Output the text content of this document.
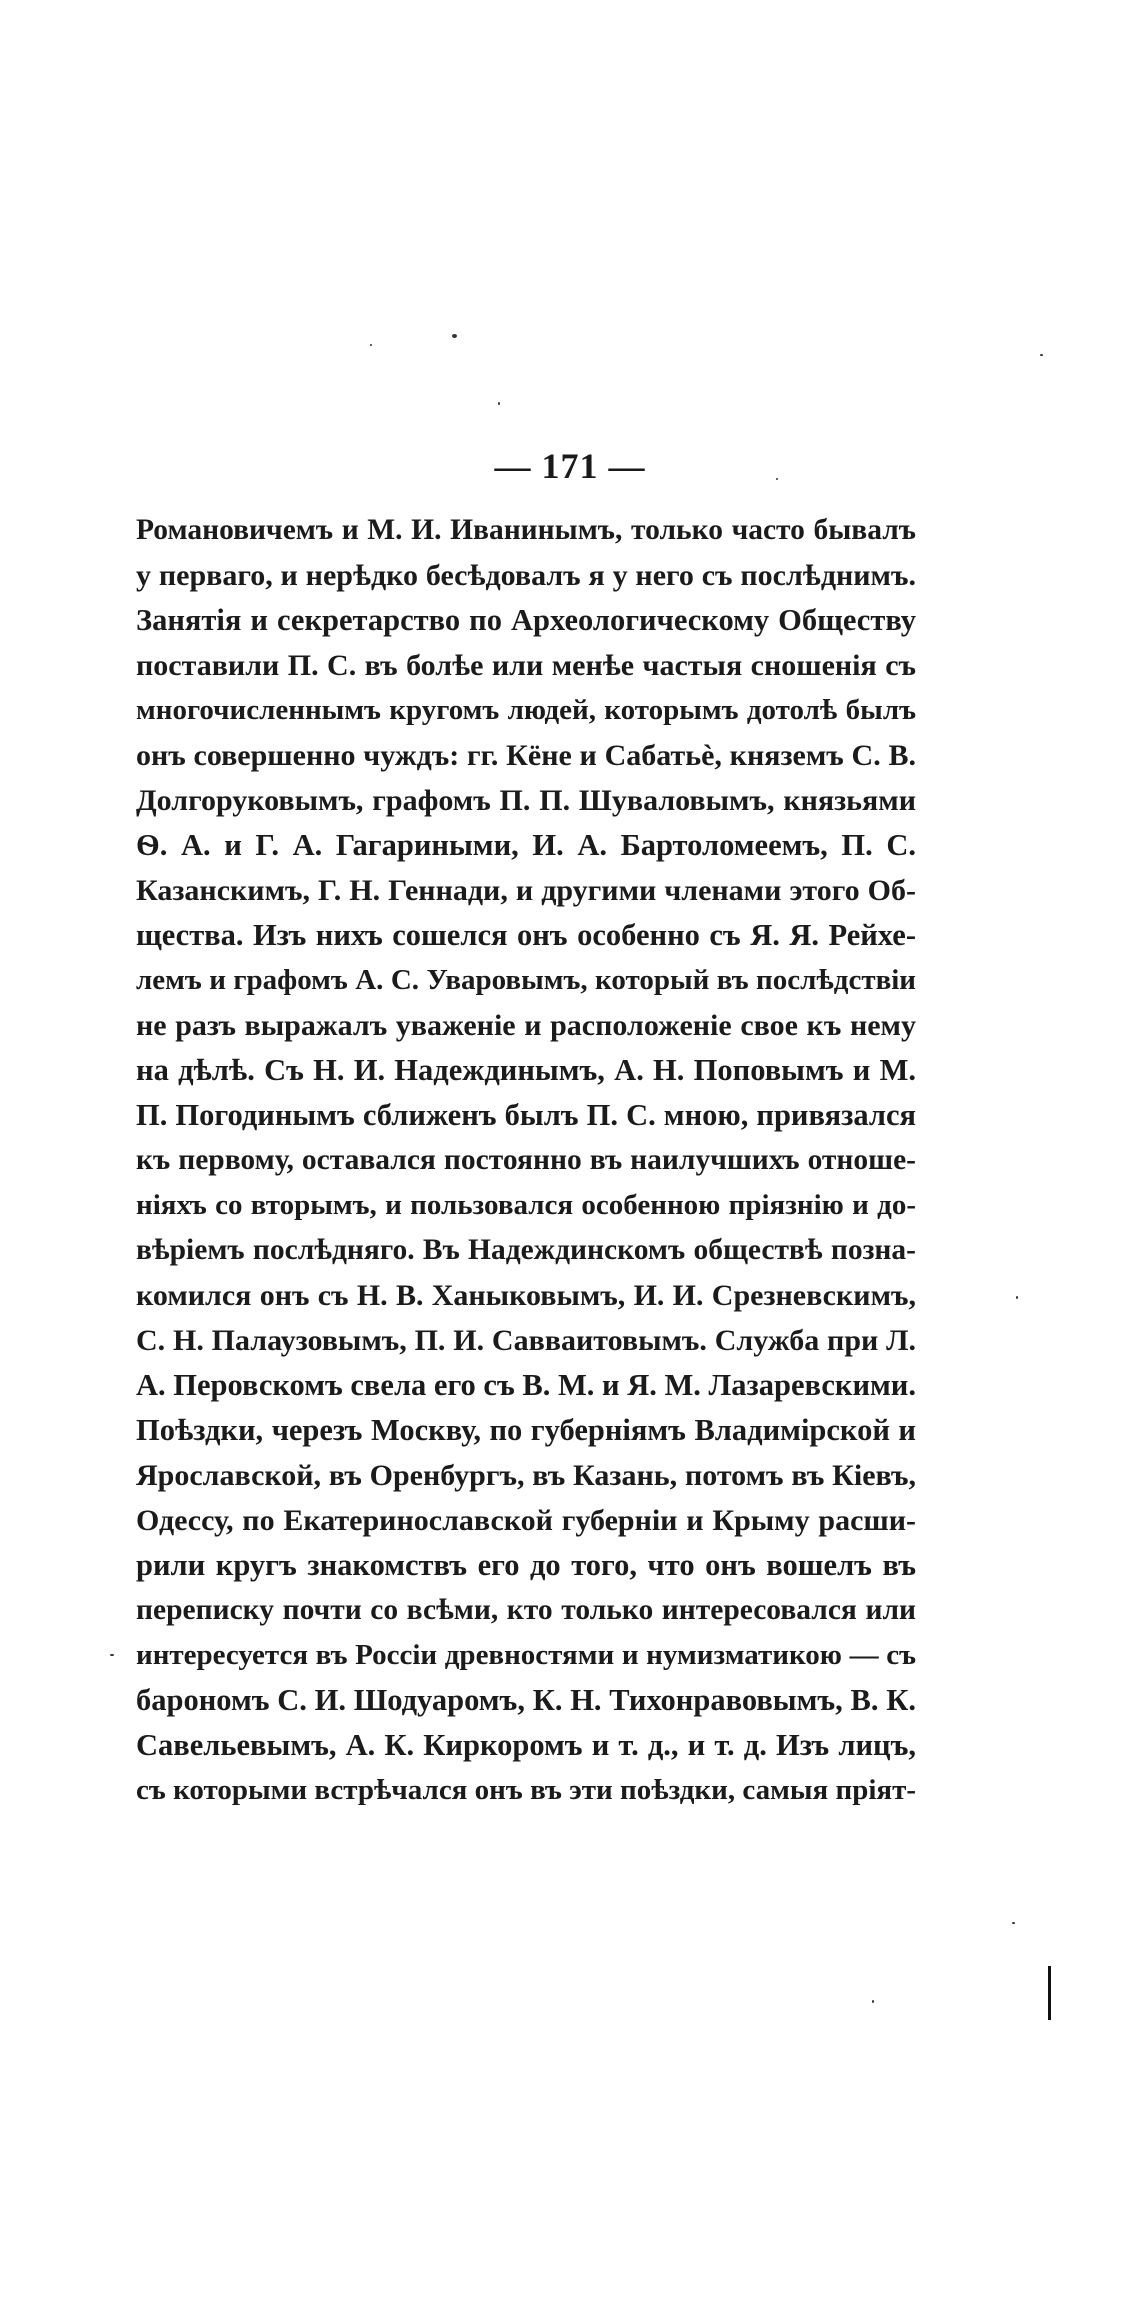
— 171 —
Романовичемъ и М. И. Иванинымъ, только часто бывалъ
у перваго, и нерѣдко бесѣдовалъ я у него съ послѣднимъ.
Занятія и секретарство по Археологическому Обществу
поставили П. С. въ болѣе или менѣе частыя сношенія съ
многочисленнымъ кругомъ людей, которымъ дотолѣ былъ
онъ совершенно чуждъ: гг. Кёне и Сабатьè, княземъ С. В.
Долгоруковымъ, графомъ П. П. Шуваловымъ, князьями
Ѳ. А. и Г. А. Гагариными, И. А. Бартоломеемъ, П. С.
Казанскимъ, Г. Н. Геннади, и другими членами этого Об-
щества. Изъ нихъ сошелся онъ особенно съ Я. Я. Рейхе-
лемъ и графомъ А. С. Уваровымъ, который въ послѣдствіи
не разъ выражалъ уваженіе и расположеніе свое къ нему
на дѣлѣ. Съ Н. И. Надеждинымъ, А. Н. Поповымъ и М.
П. Погодинымъ сближенъ былъ П. С. мною, привязался
къ первому, оставался постоянно въ наилучшихъ отноше-
ніяхъ со вторымъ, и пользовался особенною пріязнію и до-
вѣріемъ послѣдняго. Въ Надеждинскомъ обществѣ позна-
комился онъ съ Н. В. Ханыковымъ, И. И. Срезневскимъ,
С. Н. Палаузовымъ, П. И. Савваитовымъ. Служба при Л.
А. Перовскомъ свела его съ В. М. и Я. М. Лазаревскими.
Поѣздки, черезъ Москву, по губерніямъ Владимірской и
Ярославской, въ Оренбургъ, въ Казань, потомъ въ Кіевъ,
Одессу, по Екатеринославской губерніи и Крыму расши-
рили кругъ знакомствъ его до того, что онъ вошелъ въ
переписку почти со всѣми, кто только интересовался или
интересуется въ Россіи древностями и нумизматикою — съ
барономъ С. И. Шодуаромъ, К. Н. Тихонравовымъ, В. К.
Савельевымъ, А. К. Киркоромъ и т. д., и т. д. Изъ лицъ,
съ которыми встрѣчался онъ въ эти поѣздки, самыя пріят-
